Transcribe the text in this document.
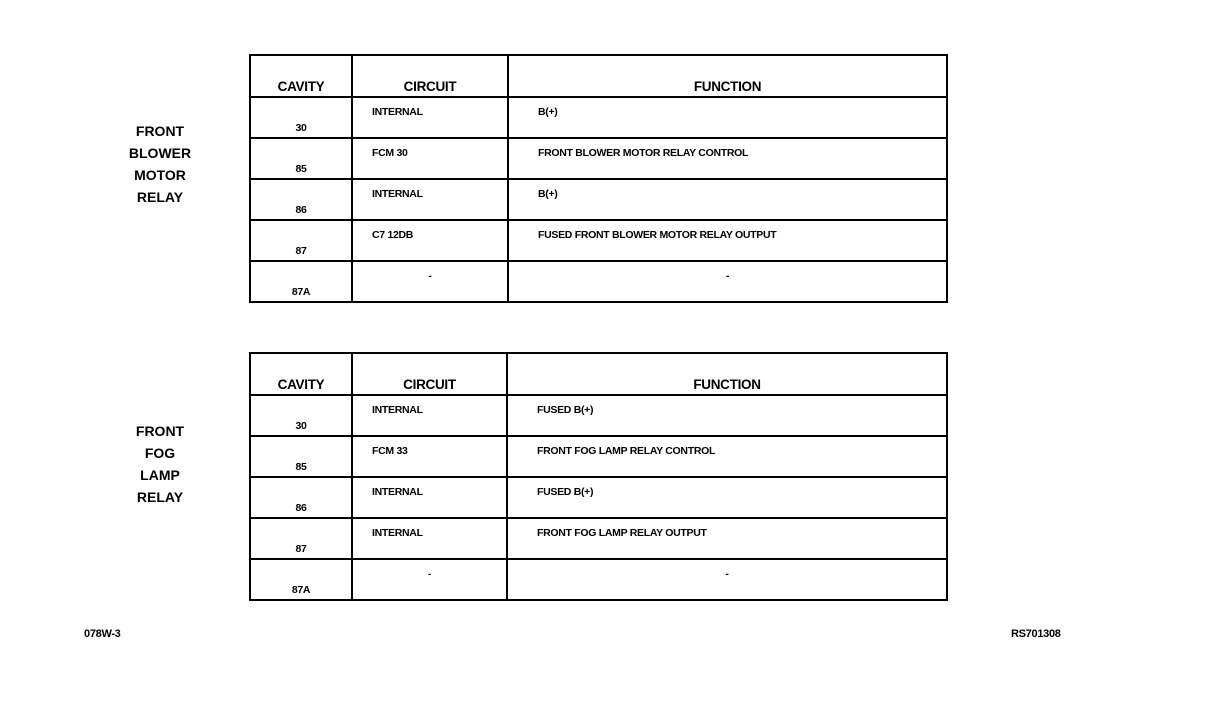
FRONT
BLOWER
MOTOR
RELAY
CAVITY	CIRCUIT	FUNCTION
30	INTERNAL	B(+)
85	FCM 30	FRONT BLOWER MOTOR RELAY CONTROL
86	INTERNAL	B(+)
87	C7 12DB	FUSED FRONT BLOWER MOTOR RELAY OUTPUT
87A	-	-
FRONT
FOG
LAMP
RELAY
CAVITY	CIRCUIT	FUNCTION
30	INTERNAL	FUSED B(+)
85	FCM 33	FRONT FOG LAMP RELAY CONTROL
86	INTERNAL	FUSED B(+)
87	INTERNAL	FRONT FOG LAMP RELAY OUTPUT
87A	-	-
078W-3	RS701308
